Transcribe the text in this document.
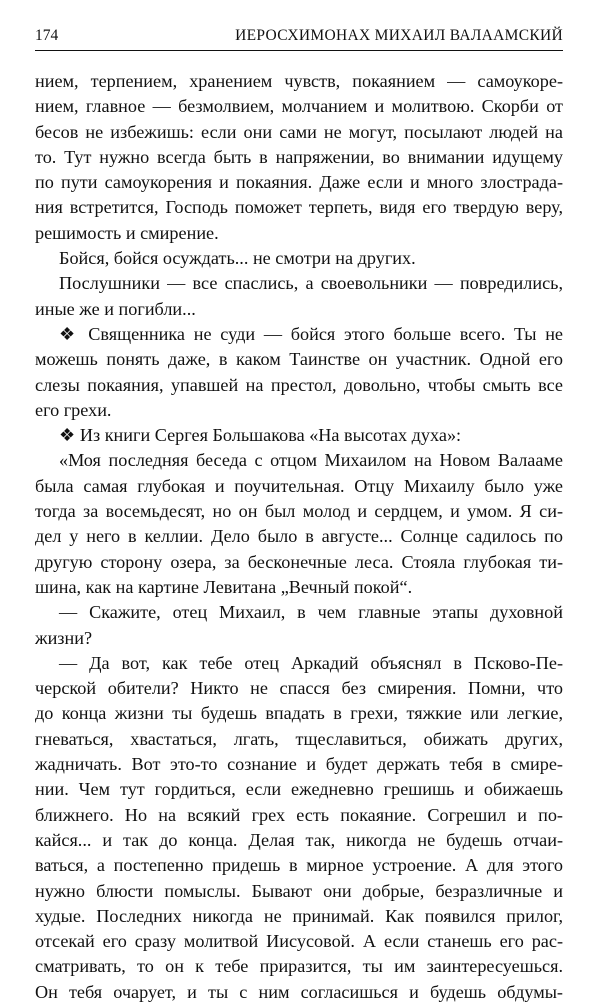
174	ИЕРОСХИМОНАХ МИХАИЛ ВАЛААМСКИЙ
нием, терпением, хранением чувств, покаянием — самоукоре-
нием, главное — безмолвием, молчанием и молитвою. Скорби от
бесов не избежишь: если они сами не могут, посылают людей на
то. Тут нужно всегда быть в напряжении, во внимании идущему
по пути самоукорения и покаяния. Даже если и много злострада-
ния встретится, Господь поможет терпеть, видя его твердую веру,
решимость и смирение.
Бойся, бойся осуждать... не смотри на других.
Послушники — все спаслись, а своевольники — повредились,
иные же и погибли...
❖ Священника не суди — бойся этого больше всего. Ты не
можешь понять даже, в каком Таинстве он участник. Одной его
слезы покаяния, упавшей на престол, довольно, чтобы смыть все
его грехи.
❖ Из книги Сергея Большакова «На высотах духа»:
«Моя последняя беседа с отцом Михаилом на Новом Валааме
была самая глубокая и поучительная. Отцу Михаилу было уже
тогда за восемьдесят, но он был молод и сердцем, и умом. Я си-
дел у него в келлии. Дело было в августе... Солнце садилось по
другую сторону озера, за бесконечные леса. Стояла глубокая ти-
шина, как на картине Левитана „Вечный покой“.
— Скажите, отец Михаил, в чем главные этапы духовной
жизни?
— Да вот, как тебе отец Аркадий объяснял в Псково-Пе-
черской обители? Никто не спасся без смирения. Помни, что
до конца жизни ты будешь впадать в грехи, тяжкие или легкие,
гневаться, хвастаться, лгать, тщеславиться, обижать других,
жадничать. Вот это-то сознание и будет держать тебя в смире-
нии. Чем тут гордиться, если ежедневно грешишь и обижаешь
ближнего. Но на всякий грех есть покаяние. Согрешил и по-
кайся... и так до конца. Делая так, никогда не будешь отчаи-
ваться, а постепенно придешь в мирное устроение. А для этого
нужно блюсти помыслы. Бывают они добрые, безразличные и
худые. Последних никогда не принимай. Как появился прилог,
отсекай его сразу молитвой Иисусовой. А если станешь его рас-
сматривать, то он к тебе приразится, ты им заинтересуешься.
Он тебя очарует, и ты с ним согласишься и будешь обдумы-
